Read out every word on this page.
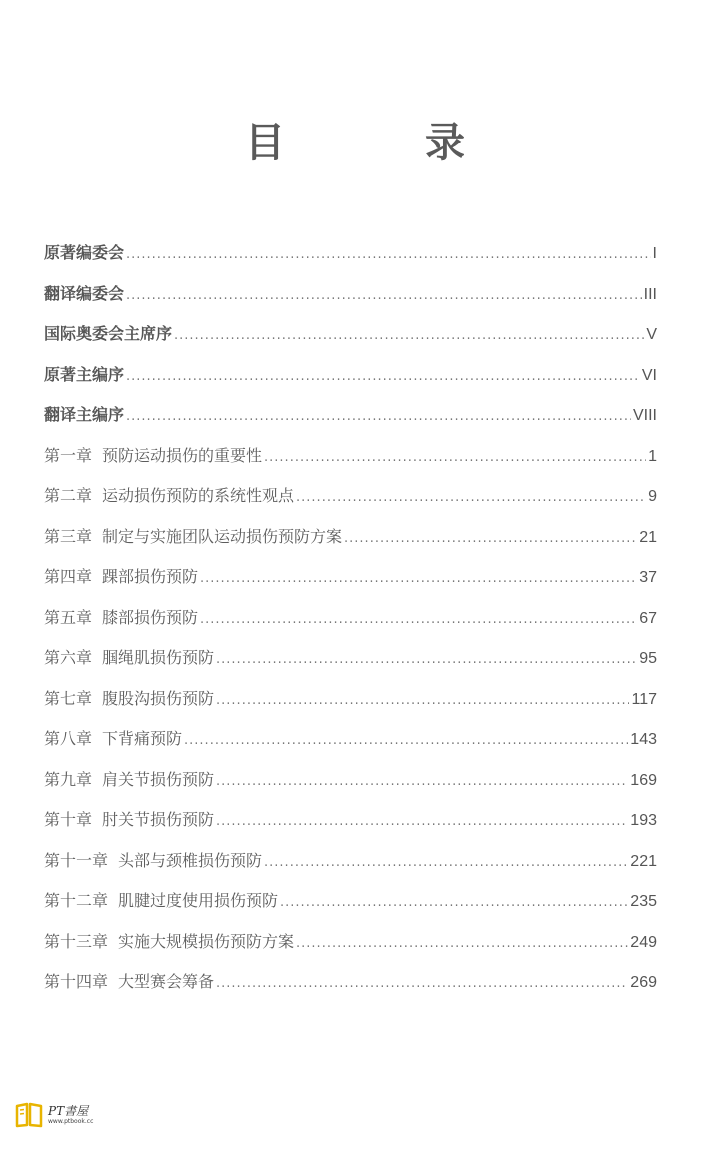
目　录
原著编委会 .....	I
翻译编委会 .....	III
国际奥委会主席序 .....	V
原著主编序 .....	VI
翻译主编序 .....	VIII
第一章 预防运动损伤的重要性 .....	1
第二章 运动损伤预防的系统性观点 .....	9
第三章 制定与实施团队运动损伤预防方案 .....	21
第四章 踝部损伤预防 .....	37
第五章 膝部损伤预防 .....	67
第六章 腘绳肌损伤预防 .....	95
第七章 腹股沟损伤预防 .....	117
第八章 下背痛预防 .....	143
第九章 肩关节损伤预防 .....	169
第十章 肘关节损伤预防 .....	193
第十一章 头部与颈椎损伤预防 .....	221
第十二章 肌腱过度使用损伤预防 .....	235
第十三章 实施大规模损伤预防方案 .....	249
第十四章 大型赛会筹备 .....	269
PT書屋
www.ptbook.cc
